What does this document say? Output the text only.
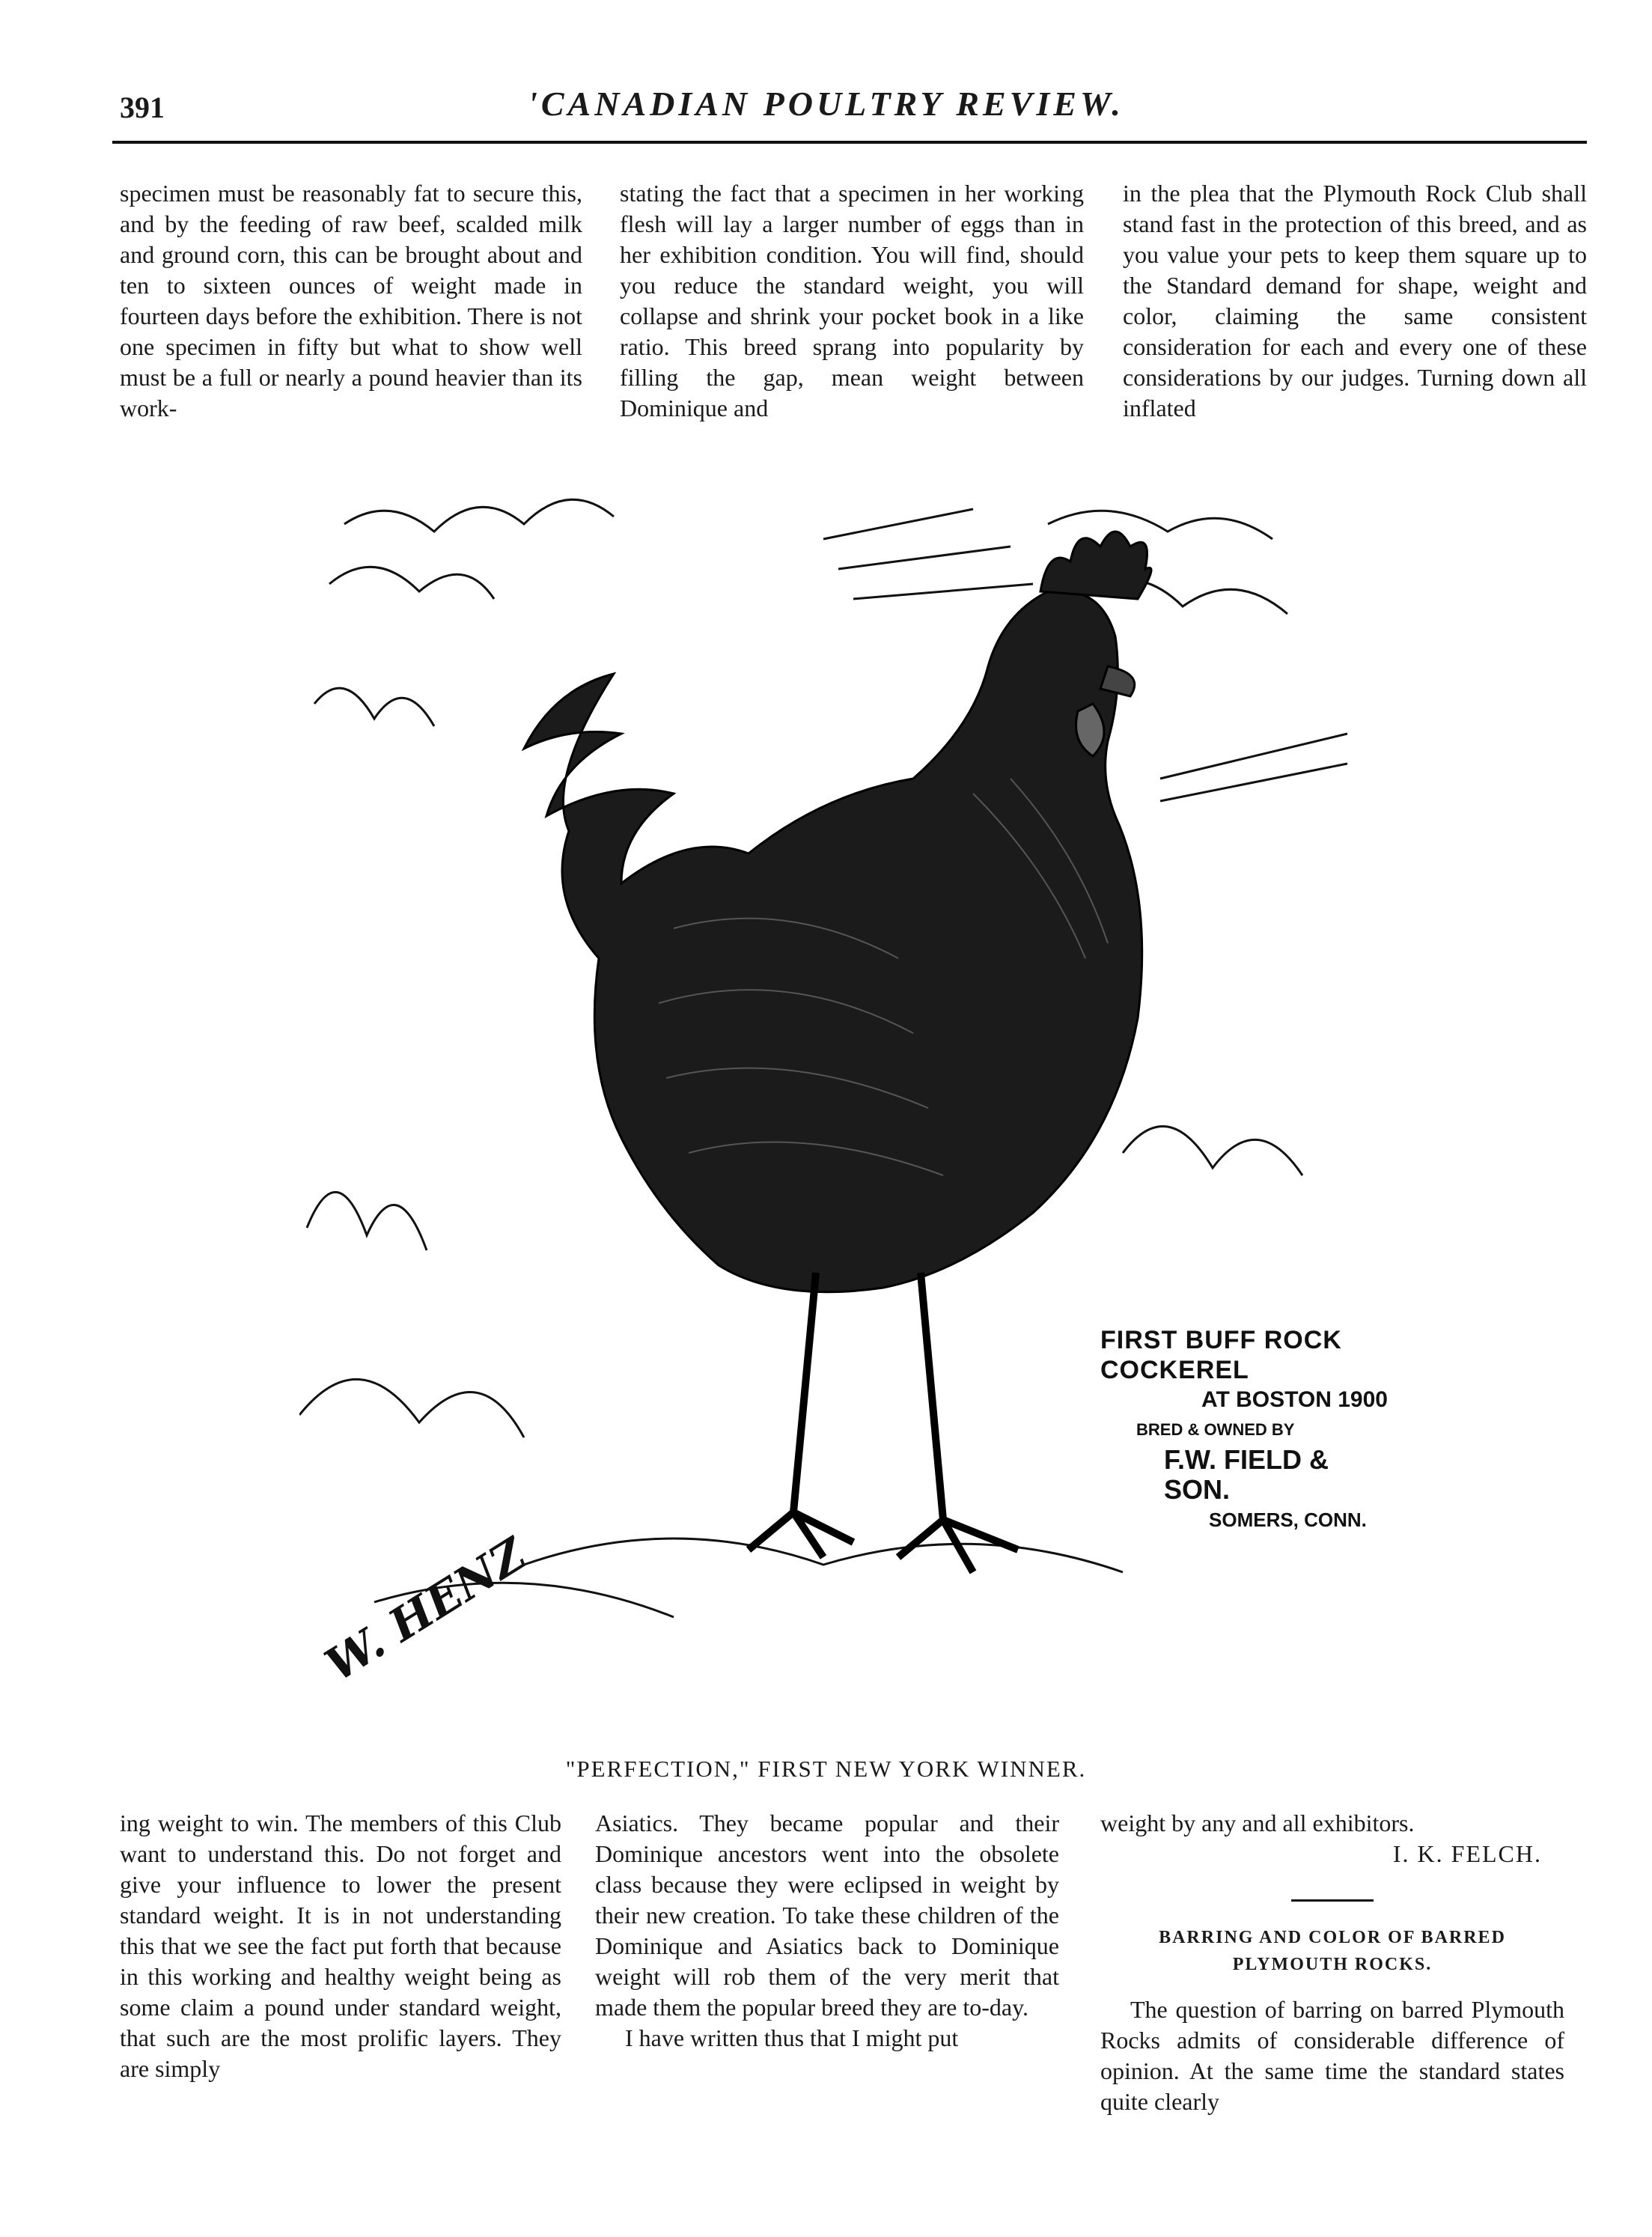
391	'CANADIAN POULTRY REVIEW.

specimen must be reasonably fat to secure this, and by the feeding of raw beef, scalded milk and ground corn, this can be brought about and ten to sixteen ounces of weight made in fourteen days before the exhibition. There is not one specimen in fifty but what to show well must be a full or nearly a pound heavier than its work-

stating the fact that a specimen in her working flesh will lay a larger number of eggs than in her exhibition condition. You will find, should you reduce the standard weight, you will collapse and shrink your pocket book in a like ratio. This breed sprang into popularity by filling the gap, mean weight between Dominique and

in the plea that the Plymouth Rock Club shall stand fast in the protection of this breed, and as you value your pets to keep them square up to the Standard demand for shape, weight and color, claiming the same consistent consideration for each and every one of these considerations by our judges. Turning down all inflated

FIRST BUFF ROCK COCKEREL
AT BOSTON 1900
BRED & OWNED BY
F.W. FIELD & SON.
SOMERS, CONN.
W. HENZ
"PERFECTION," FIRST NEW YORK WINNER.

ing weight to win. The members of this Club want to understand this. Do not forget and give your influence to lower the present standard weight. It is in not understanding this that we see the fact put forth that because in this working and healthy weight being as some claim a pound under standard weight, that such are the most prolific layers. They are simply

Asiatics. They became popular and their Dominique ancestors went into the obsolete class because they were eclipsed in weight by their new creation. To take these children of the Dominique and Asiatics back to Dominique weight will rob them of the very merit that made them the popular breed they are to-day.

I have written thus that I might put

weight by any and all exhibitors.

I. K. FELCH.

BARRING AND COLOR OF BARRED PLYMOUTH ROCKS.

The question of barring on barred Plymouth Rocks admits of considerable difference of opinion. At the same time the standard states quite clearly
